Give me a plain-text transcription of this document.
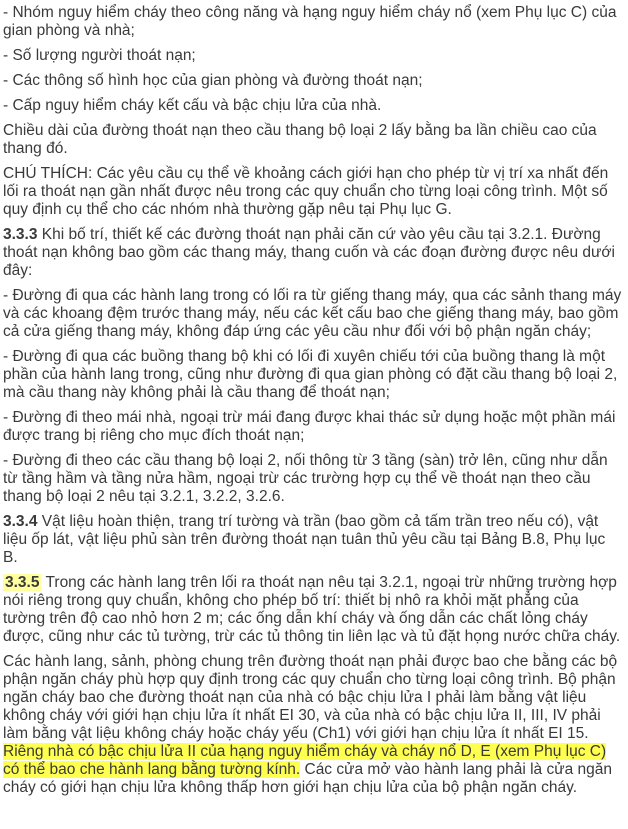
- Nhóm nguy hiểm cháy theo công năng và hạng nguy hiểm cháy nổ (xem Phụ lục C) của gian phòng và nhà;

- Số lượng người thoát nạn;

- Các thông số hình học của gian phòng và đường thoát nạn;

- Cấp nguy hiểm cháy kết cấu và bậc chịu lửa của nhà.

Chiều dài của đường thoát nạn theo cầu thang bộ loại 2 lấy bằng ba lần chiều cao của thang đó.

CHÚ THÍCH: Các yêu cầu cụ thể về khoảng cách giới hạn cho phép từ vị trí xa nhất đến lối ra thoát nạn gần nhất được nêu trong các quy chuẩn cho từng loại công trình. Một số quy định cụ thể cho các nhóm nhà thường gặp nêu tại Phụ lục G.

3.3.3 Khi bố trí, thiết kế các đường thoát nạn phải căn cứ vào yêu cầu tại 3.2.1. Đường thoát nạn không bao gồm các thang máy, thang cuốn và các đoạn đường được nêu dưới đây:

- Đường đi qua các hành lang trong có lối ra từ giếng thang máy, qua các sảnh thang máy và các khoang đệm trước thang máy, nếu các kết cấu bao che giếng thang máy, bao gồm cả cửa giếng thang máy, không đáp ứng các yêu cầu như đối với bộ phận ngăn cháy;

- Đường đi qua các buồng thang bộ khi có lối đi xuyên chiếu tới của buồng thang là một phần của hành lang trong, cũng như đường đi qua gian phòng có đặt cầu thang bộ loại 2, mà cầu thang này không phải là cầu thang để thoát nạn;

- Đường đi theo mái nhà, ngoại trừ mái đang được khai thác sử dụng hoặc một phần mái được trang bị riêng cho mục đích thoát nạn;

- Đường đi theo các cầu thang bộ loại 2, nối thông từ 3 tầng (sàn) trở lên, cũng như dẫn từ tầng hầm và tầng nửa hầm, ngoại trừ các trường hợp cụ thể về thoát nạn theo cầu thang bộ loại 2 nêu tại 3.2.1, 3.2.2, 3.2.6.

3.3.4 Vật liệu hoàn thiện, trang trí tường và trần (bao gồm cả tấm trần treo nếu có), vật liệu ốp lát, vật liệu phủ sàn trên đường thoát nạn tuân thủ yêu cầu tại Bảng B.8, Phụ lục B.

3.3.5 Trong các hành lang trên lối ra thoát nạn nêu tại 3.2.1, ngoại trừ những trường hợp nói riêng trong quy chuẩn, không cho phép bố trí: thiết bị nhô ra khỏi mặt phẳng của tường trên độ cao nhỏ hơn 2 m; các ống dẫn khí cháy và ống dẫn các chất lỏng cháy được, cũng như các tủ tường, trừ các tủ thông tin liên lạc và tủ đặt họng nước chữa cháy.

Các hành lang, sảnh, phòng chung trên đường thoát nạn phải được bao che bằng các bộ phận ngăn cháy phù hợp quy định trong các quy chuẩn cho từng loại công trình. Bộ phận ngăn cháy bao che đường thoát nạn của nhà có bậc chịu lửa I phải làm bằng vật liệu không cháy với giới hạn chịu lửa ít nhất EI 30, và của nhà có bậc chịu lửa II, III, IV phải làm bằng vật liệu không cháy hoặc cháy yếu (Ch1) với giới hạn chịu lửa ít nhất EI 15. Riêng nhà có bậc chịu lửa II của hạng nguy hiểm cháy và cháy nổ D, E (xem Phụ lục C) có thể bao che hành lang bằng tường kính. Các cửa mở vào hành lang phải là cửa ngăn cháy có giới hạn chịu lửa không thấp hơn giới hạn chịu lửa của bộ phận ngăn cháy.
